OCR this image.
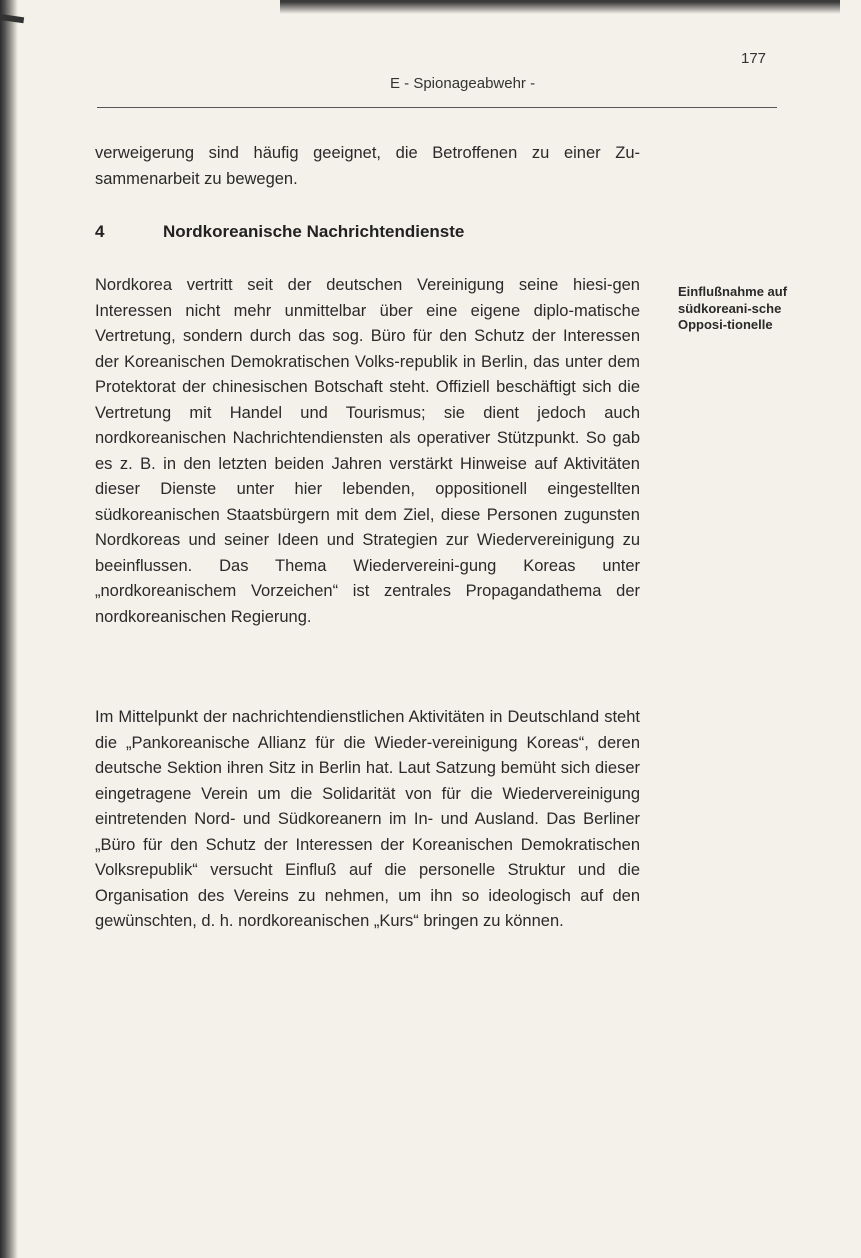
E - Spionageabwehr -
177
verweigerung sind häufig geeignet, die Betroffenen zu einer Zu-sammenarbeit zu bewegen.
4	Nordkoreanische Nachrichtendienste
Nordkorea vertritt seit der deutschen Vereinigung seine hiesi-gen Interessen nicht mehr unmittelbar über eine eigene diplo-matische Vertretung, sondern durch das sog. Büro für den Schutz der Interessen der Koreanischen Demokratischen Volks-republik in Berlin, das unter dem Protektorat der chinesischen Botschaft steht. Offiziell beschäftigt sich die Vertretung mit Handel und Tourismus; sie dient jedoch auch nordkoreanischen Nachrichtendiensten als operativer Stützpunkt. So gab es z. B. in den letzten beiden Jahren verstärkt Hinweise auf Aktivitäten dieser Dienste unter hier lebenden, oppositionell eingestellten südkoreanischen Staatsbürgern mit dem Ziel, diese Personen zugunsten Nordkoreas und seiner Ideen und Strategien zur Wiedervereinigung zu beeinflussen. Das Thema Wiedervereini-gung Koreas unter „nordkoreanischem Vorzeichen“ ist zentrales Propagandathema der nordkoreanischen Regierung.
Einflußnahme auf südkoreani-sche Opposi-tionelle
Im Mittelpunkt der nachrichtendienstlichen Aktivitäten in Deutschland steht die „Pankoreanische Allianz für die Wieder-vereinigung Koreas“, deren deutsche Sektion ihren Sitz in Berlin hat. Laut Satzung bemüht sich dieser eingetragene Verein um die Solidarität von für die Wiedervereinigung eintretenden Nord- und Südkoreanern im In- und Ausland. Das Berliner „Büro für den Schutz der Interessen der Koreanischen Demokratischen Volksrepublik“ versucht Einfluß auf die personelle Struktur und die Organisation des Vereins zu nehmen, um ihn so ideologisch auf den gewünschten, d. h. nordkoreanischen „Kurs“ bringen zu können.
